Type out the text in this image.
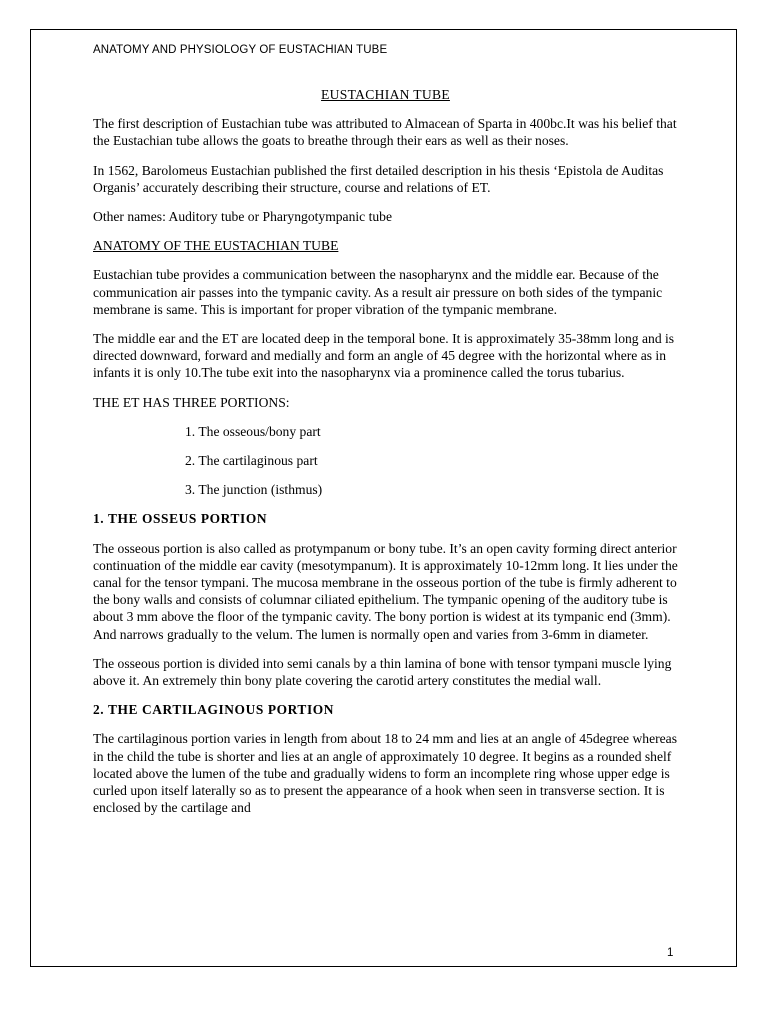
ANATOMY AND PHYSIOLOGY OF EUSTACHIAN TUBE

EUSTACHIAN TUBE

The first description of Eustachian tube was attributed to Almacean of Sparta in 400bc.It was his belief that the Eustachian tube allows the goats to breathe through their ears as well as their noses.

In 1562, Barolomeus Eustachian published the first detailed description in his thesis ‘Epistola de Auditas Organis’ accurately describing their structure, course and relations of ET.

Other names: Auditory tube or Pharyngotympanic tube

ANATOMY OF THE EUSTACHIAN TUBE

Eustachian tube provides a communication between the nasopharynx and the middle ear. Because of the communication air passes into the tympanic cavity. As a result air pressure on both sides of the tympanic membrane is same. This is important for proper vibration of the tympanic membrane.

The middle ear and the ET are located deep in the temporal bone. It is approximately 35-38mm long and is directed downward, forward and medially and form an angle of 45 degree with the horizontal where as in infants it is only 10.The tube exit into the nasopharynx via a prominence called the torus tubarius.

THE ET HAS THREE PORTIONS:

1. The osseous/bony part

2. The cartilaginous part

3. The junction (isthmus)

1. THE OSSEUS PORTION

The osseous portion is also called as protympanum or bony tube. It’s an open cavity forming direct anterior continuation of the middle ear cavity (mesotympanum). It is approximately 10-12mm long. It lies under the canal for the tensor tympani. The mucosa membrane in the osseous portion of the tube is firmly adherent to the bony walls and consists of columnar ciliated epithelium. The tympanic opening of the auditory tube is about 3 mm above the floor of the tympanic cavity. The bony portion is widest at its tympanic end (3mm). And narrows gradually to the velum. The lumen is normally open and varies from 3-6mm in diameter.

The osseous portion is divided into semi canals by a thin lamina of bone with tensor tympani muscle lying above it. An extremely thin bony plate covering the carotid artery constitutes the medial wall.

2. THE CARTILAGINOUS PORTION

The cartilaginous portion varies in length from about 18 to 24 mm and lies at an angle of 45degree whereas in the child the tube is shorter and lies at an angle of approximately 10 degree. It begins as a rounded shelf located above the lumen of the tube and gradually widens to form an incomplete ring whose upper edge is curled upon itself laterally so as to present the appearance of a hook when seen in transverse section. It is enclosed by the cartilage and

1
